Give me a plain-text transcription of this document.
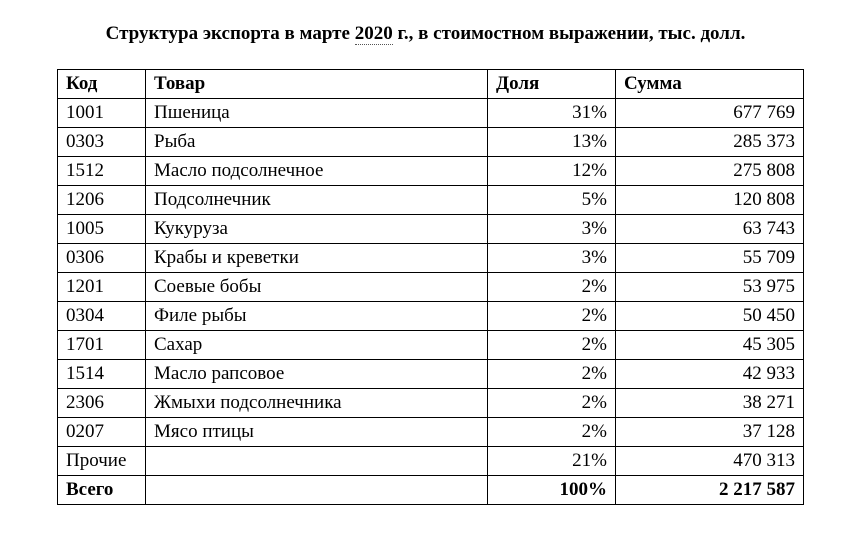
Структура экспорта в марте 2020 г., в стоимостном выражении, тыс. долл.
Код	Товар	Доля	Сумма
1001	Пшеница	31%	677 769
0303	Рыба	13%	285 373
1512	Масло подсолнечное	12%	275 808
1206	Подсолнечник	5%	120 808
1005	Кукуруза	3%	63 743
0306	Крабы и креветки	3%	55 709
1201	Соевые бобы	2%	53 975
0304	Филе рыбы	2%	50 450
1701	Сахар	2%	45 305
1514	Масло рапсовое	2%	42 933
2306	Жмыхи подсолнечника	2%	38 271
0207	Мясо птицы	2%	37 128
Прочие		21%	470 313
Всего		100%	2 217 587
